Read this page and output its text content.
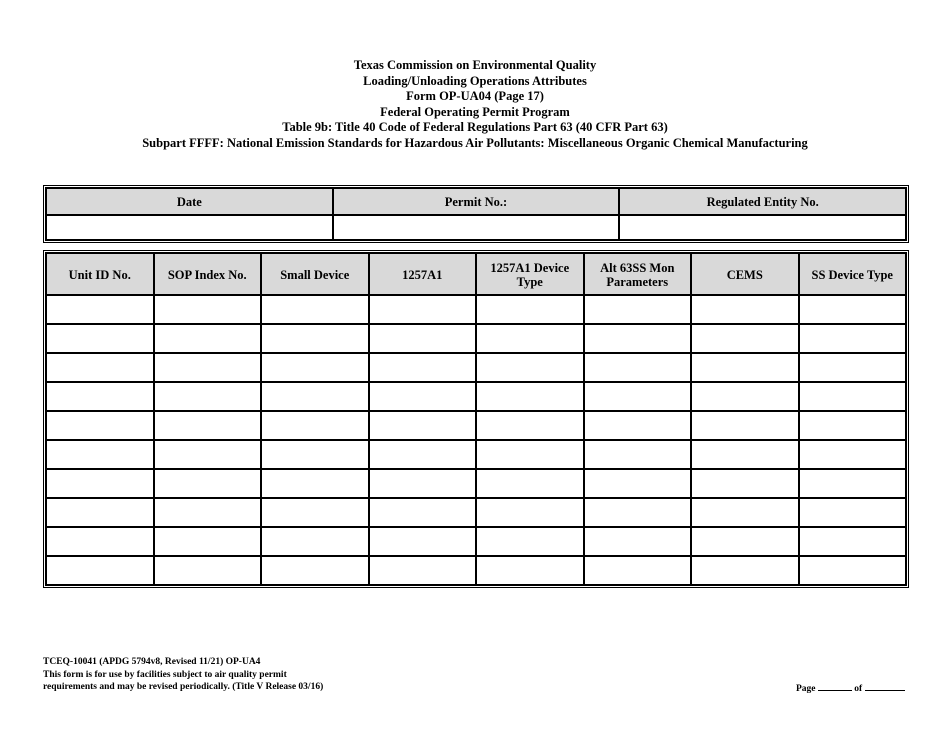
Texas Commission on Environmental Quality
Loading/Unloading Operations Attributes
Form OP-UA04 (Page 17)
Federal Operating Permit Program
Table 9b: Title 40 Code of Federal Regulations Part 63 (40 CFR Part 63)
Subpart FFFF: National Emission Standards for Hazardous Air Pollutants: Miscellaneous Organic Chemical Manufacturing
Date	Permit No.:	Regulated Entity No.

Unit ID No.	SOP Index No.	Small Device	1257A1	1257A1 Device Type	Alt 63SS Mon Parameters	CEMS	SS Device Type

TCEQ-10041 (APDG 5794v8, Revised 11/21) OP-UA4
This form is for use by facilities subject to air quality permit
requirements and may be revised periodically. (Title V Release 03/16)	Page	of
